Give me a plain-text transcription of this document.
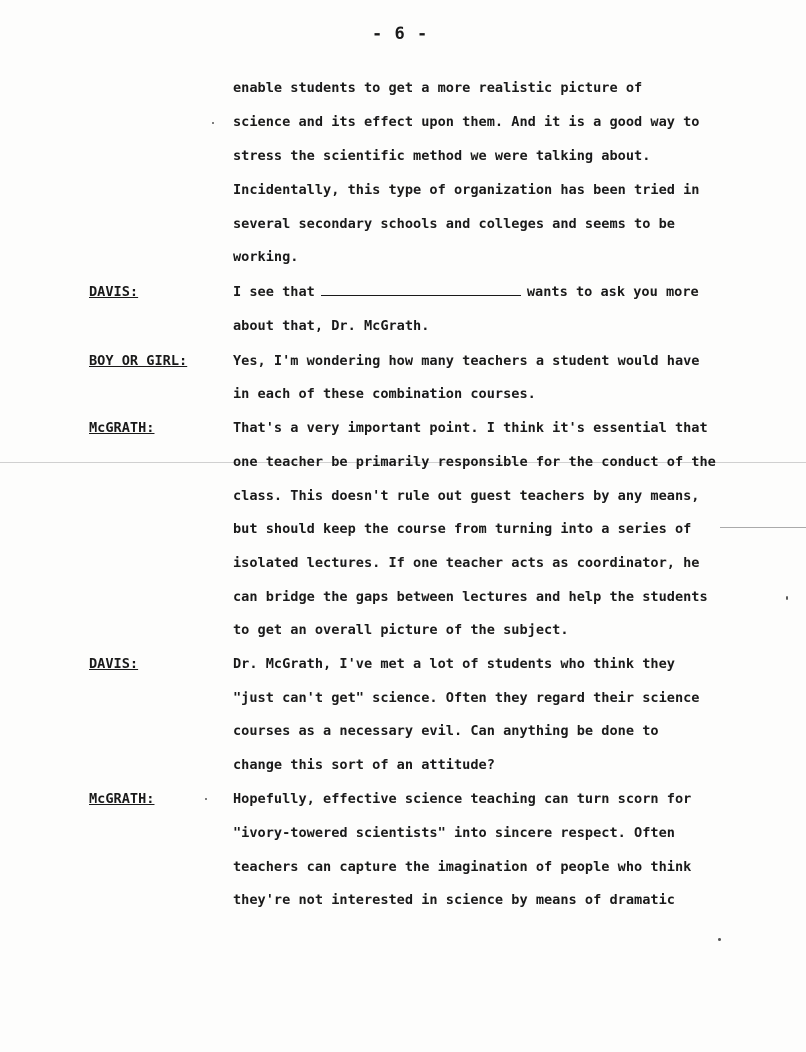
- 6 -
enable students to get a more realistic picture of
science and its effect upon them. And it is a good way to
stress the scientific method we were talking about.
Incidentally, this type of organization has been tried in
several secondary schools and colleges and seems to be
working.
DAVIS:	I see that	wants to ask you more
about that, Dr. McGrath.
BOY OR GIRL:	Yes, I'm wondering how many teachers a student would have
in each of these combination courses.
McGRATH:	That's a very important point. I think it's essential that
one teacher be primarily responsible for the conduct of the
class. This doesn't rule out guest teachers by any means,
but should keep the course from turning into a series of
isolated lectures. If one teacher acts as coordinator, he
can bridge the gaps between lectures and help the students
to get an overall picture of the subject.
DAVIS:	Dr. McGrath, I've met a lot of students who think they
"just can't get" science. Often they regard their science
courses as a necessary evil. Can anything be done to
change this sort of an attitude?
McGRATH:	Hopefully, effective science teaching can turn scorn for
"ivory-towered scientists" into sincere respect. Often
teachers can capture the imagination of people who think
they're not interested in science by means of dramatic
